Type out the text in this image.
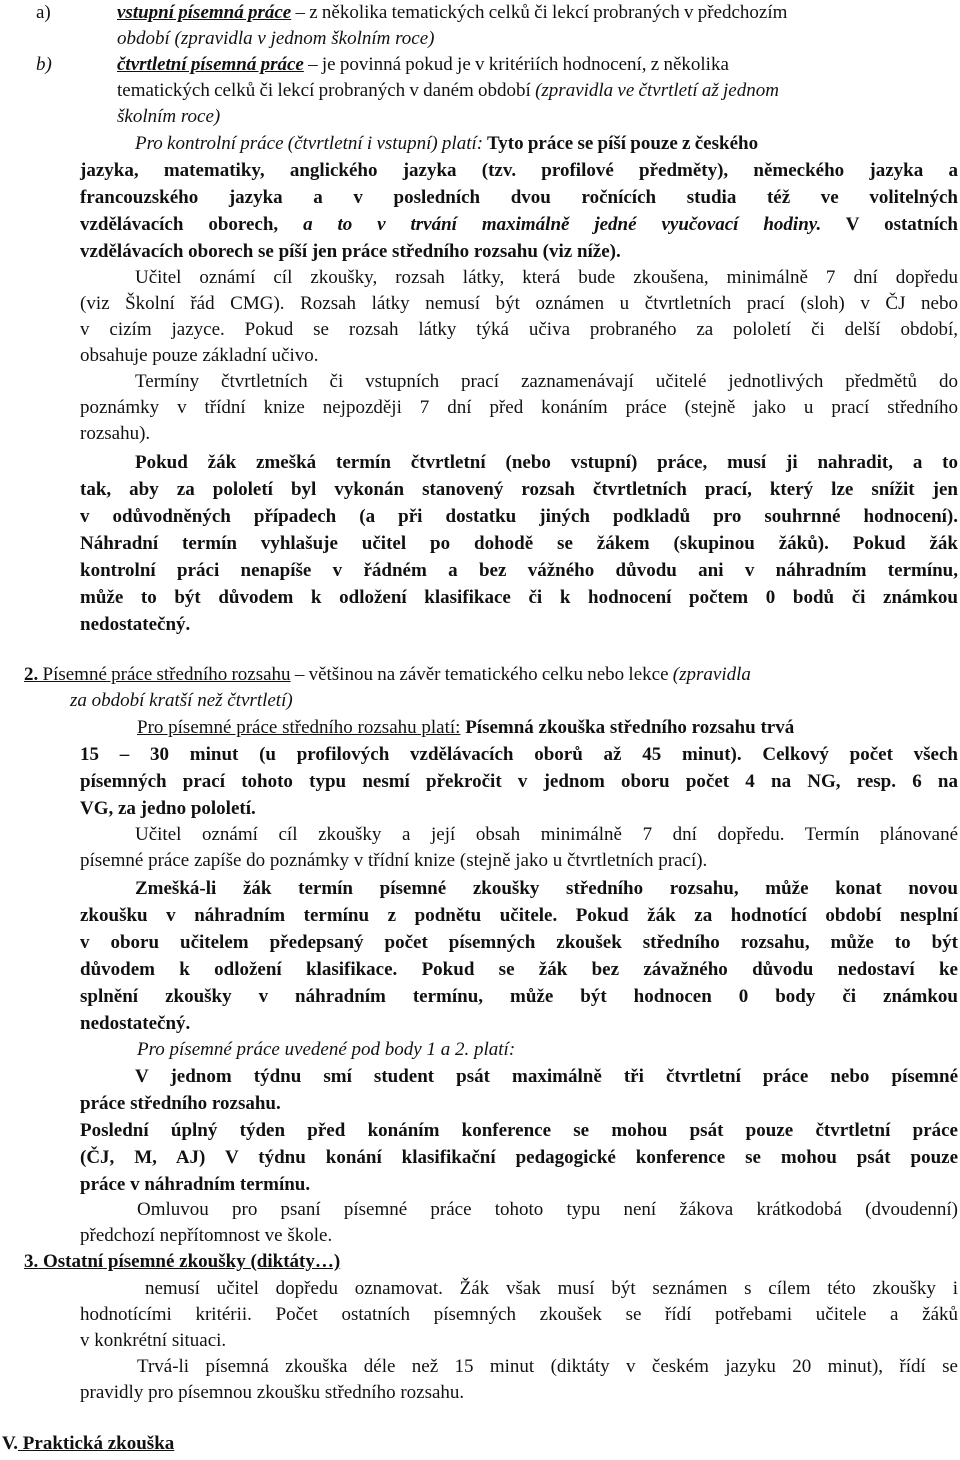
a)	vstupní písemná práce – z několika tematických celků či lekcí probraných v předchozím
období (zpravidla v jednom školním roce)
b)	čtvrtletní písemná práce – je povinná pokud je v kritériích hodnocení, z několika
tematických celků či lekcí probraných v daném období (zpravidla ve čtvrtletí až jednom
školním roce)
Pro kontrolní práce (čtvrtletní i vstupní) platí: Tyto práce se píší pouze z českého
jazyka, matematiky, anglického jazyka (tzv. profilové předměty), německého jazyka a
francouzského jazyka a v posledních dvou ročnících studia též ve volitelných
vzdělávacích oborech, a to v trvání maximálně jedné vyučovací hodiny. V ostatních
vzdělávacích oborech se píší jen práce středního rozsahu (viz níže).
Učitel oznámí cíl zkoušky, rozsah látky, která bude zkoušena, minimálně 7 dní dopředu
(viz Školní řád CMG). Rozsah látky nemusí být oznámen u čtvrtletních prací (sloh) v ČJ nebo
v cizím jazyce. Pokud se rozsah látky týká učiva probraného za pololetí či delší období,
obsahuje pouze základní učivo.
Termíny čtvrtletních či vstupních prací zaznamenávají učitelé jednotlivých předmětů do
poznámky v třídní knize nejpozději 7 dní před konáním práce (stejně jako u prací středního
rozsahu).
Pokud žák zmešká termín čtvrtletní (nebo vstupní) práce, musí ji nahradit, a to
tak, aby za pololetí byl vykonán stanovený rozsah čtvrtletních prací, který lze snížit jen
v odůvodněných případech (a při dostatku jiných podkladů pro souhrnné hodnocení).
Náhradní termín vyhlašuje učitel po dohodě se žákem (skupinou žáků). Pokud žák
kontrolní práci nenapíše v řádném a bez vážného důvodu ani v náhradním termínu,
může to být důvodem k odložení klasifikace či k hodnocení počtem 0 bodů či známkou
nedostatečný.
2. Písemné práce středního rozsahu – většinou na závěr tematického celku nebo lekce (zpravidla
za období kratší než čtvrtletí)
Pro písemné práce středního rozsahu platí: Písemná zkouška středního rozsahu trvá
15 – 30 minut (u profilových vzdělávacích oborů až 45 minut). Celkový počet všech
písemných prací tohoto typu nesmí překročit v jednom oboru počet 4 na NG, resp. 6 na
VG, za jedno pololetí.
Učitel oznámí cíl zkoušky a její obsah minimálně 7 dní dopředu. Termín plánované
písemné práce zapíše do poznámky v třídní knize (stejně jako u čtvrtletních prací).
Zmešká-li žák termín písemné zkoušky středního rozsahu, může konat novou
zkoušku v náhradním termínu z podnětu učitele. Pokud žák za hodnotící období nesplní
v oboru učitelem předepsaný počet písemných zkoušek středního rozsahu, může to být
důvodem k odložení klasifikace. Pokud se žák bez závažného důvodu nedostaví ke
splnění zkoušky v náhradním termínu, může být hodnocen 0 body či známkou
nedostatečný.
Pro písemné práce uvedené pod body 1 a 2. platí:
V jednom týdnu smí student psát maximálně tři čtvrtletní práce nebo písemné
práce středního rozsahu.
Poslední úplný týden před konáním konference se mohou psát pouze čtvrtletní práce
(ČJ, M, AJ) V týdnu konání klasifikační pedagogické konference se mohou psát pouze
práce v náhradním termínu.
Omluvou pro psaní písemné práce tohoto typu není žákova krátkodobá (dvoudenní)
předchozí nepřítomnost ve škole.
3. Ostatní písemné zkoušky (diktáty…)
nemusí učitel dopředu oznamovat. Žák však musí být seznámen s cílem této zkoušky i
hodnotícími kritérii. Počet ostatních písemných zkoušek se řídí potřebami učitele a žáků
v konkrétní situaci.
Trvá-li písemná zkouška déle než 15 minut (diktáty v českém jazyku 20 minut), řídí se
pravidly pro písemnou zkoušku středního rozsahu.
V. Praktická zkouška
